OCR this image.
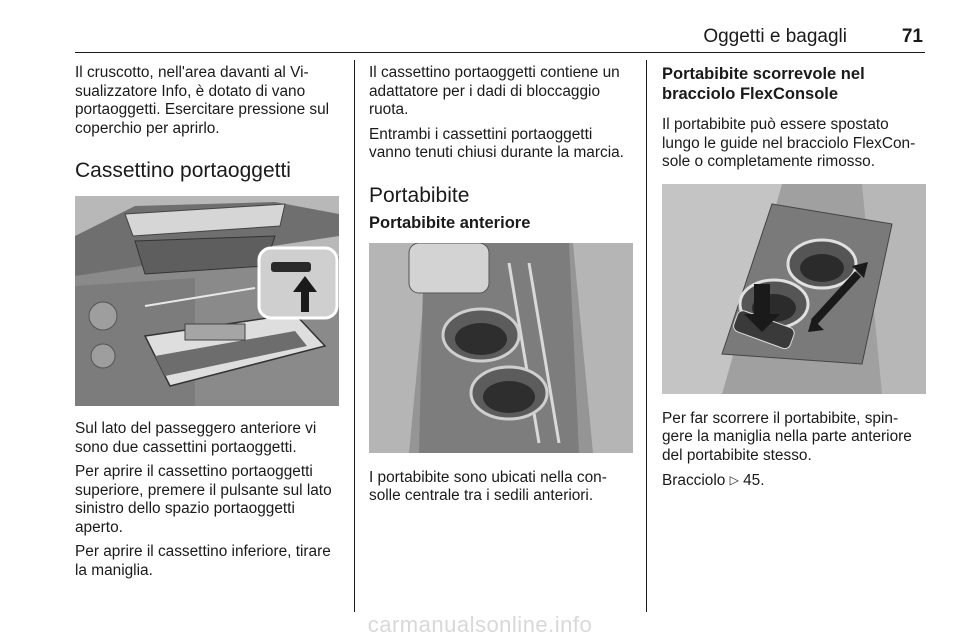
Oggetti e bagagli	71

Il cruscotto, nell'area davanti al Vi-sualizzatore Info, è dotato di vano portaoggetti. Esercitare pressione sul coperchio per aprirlo.

Cassettino portaoggetti

Sul lato del passeggero anteriore vi sono due cassettini portaoggetti.

Per aprire il cassettino portaoggetti superiore, premere il pulsante sul lato sinistro dello spazio portaoggetti aperto.

Per aprire il cassettino inferiore, tirare la maniglia.

Il cassettino portaoggetti contiene un adattatore per i dadi di bloccaggio ruota.

Entrambi i cassettini portaoggetti vanno tenuti chiusi durante la marcia.

Portabibite
Portabibite anteriore

I portabibite sono ubicati nella con-solle centrale tra i sedili anteriori.

Portabibite scorrevole nel bracciolo FlexConsole

Il portabibite può essere spostato lungo le guide nel bracciolo FlexCon-sole o completamente rimosso.

Per far scorrere il portabibite, spin-gere la maniglia nella parte anteriore del portabibite stesso.

Bracciolo ▷ 45.

carmanualsonline.info
